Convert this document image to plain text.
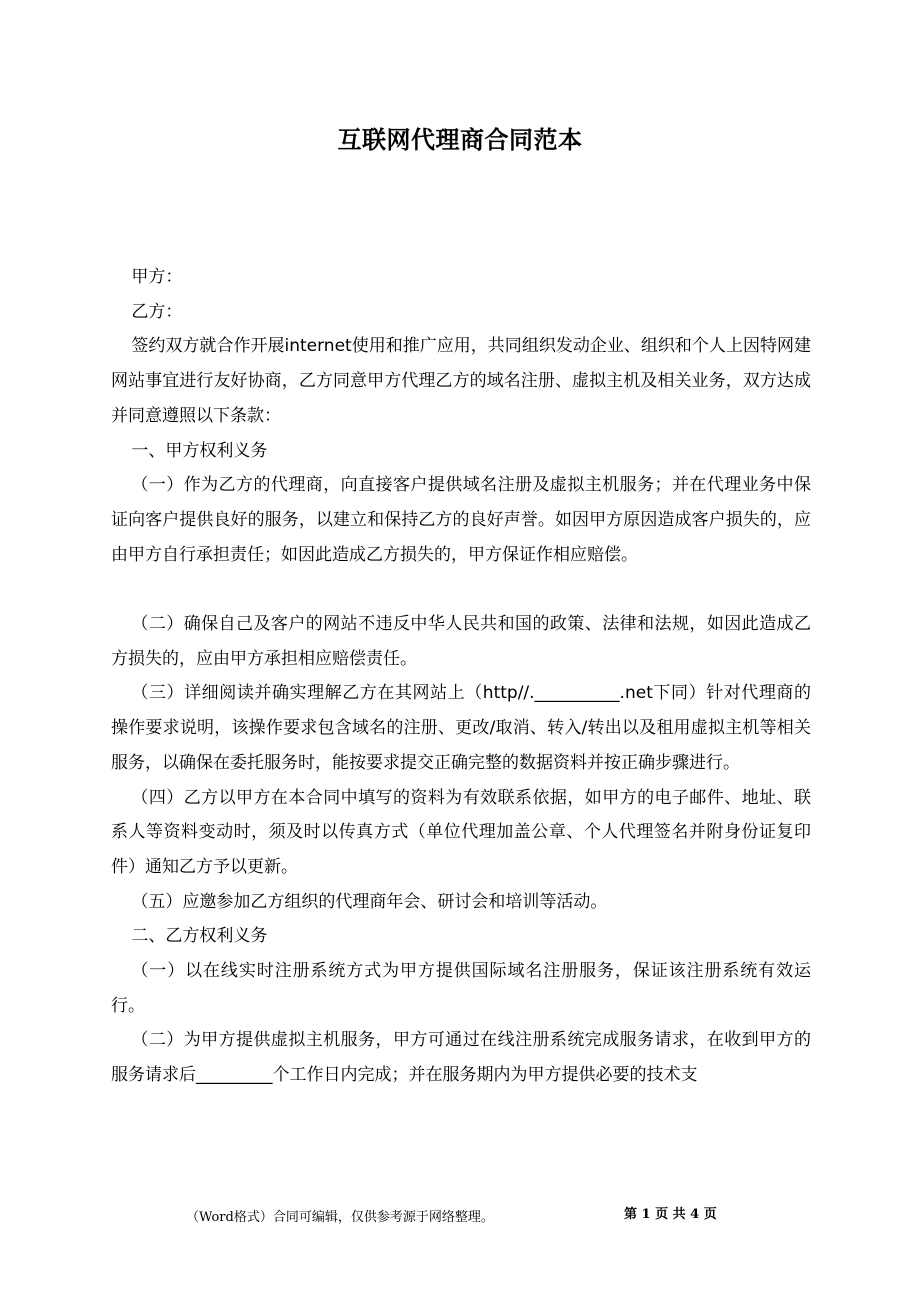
互联网代理商合同范本

甲方：

乙方：

签约双方就合作开展internet使用和推广应用，共同组织发动企业、组织和个人上因特网建网站事宜进行友好协商，乙方同意甲方代理乙方的域名注册、虚拟主机及相关业务，双方达成并同意遵照以下条款：

一、甲方权利义务

（一）作为乙方的代理商，向直接客户提供域名注册及虚拟主机服务；并在代理业务中保证向客户提供良好的服务，以建立和保持乙方的良好声誉。如因甲方原因造成客户损失的，应由甲方自行承担责任；如因此造成乙方损失的，甲方保证作相应赔偿。

（二）确保自己及客户的网站不违反中华人民共和国的政策、法律和法规，如因此造成乙方损失的，应由甲方承担相应赔偿责任。

（三）详细阅读并确实理解乙方在其网站上（http//.__________.net下同）针对代理商的操作要求说明，该操作要求包含域名的注册、更改/取消、转入/转出以及租用虚拟主机等相关服务，以确保在委托服务时，能按要求提交正确完整的数据资料并按正确步骤进行。

（四）乙方以甲方在本合同中填写的资料为有效联系依据，如甲方的电子邮件、地址、联系人等资料变动时，须及时以传真方式（单位代理加盖公章、个人代理签名并附身份证复印件）通知乙方予以更新。

（五）应邀参加乙方组织的代理商年会、研讨会和培训等活动。

二、乙方权利义务

（一）以在线实时注册系统方式为甲方提供国际域名注册服务，保证该注册系统有效运行。

（二）为甲方提供虚拟主机服务，甲方可通过在线注册系统完成服务请求，在收到甲方的服务请求后_________个工作日内完成；并在服务期内为甲方提供必要的技术支

（Word格式）合同可编辑，仅供参考源于网络整理。	第 1 页 共 4 页
